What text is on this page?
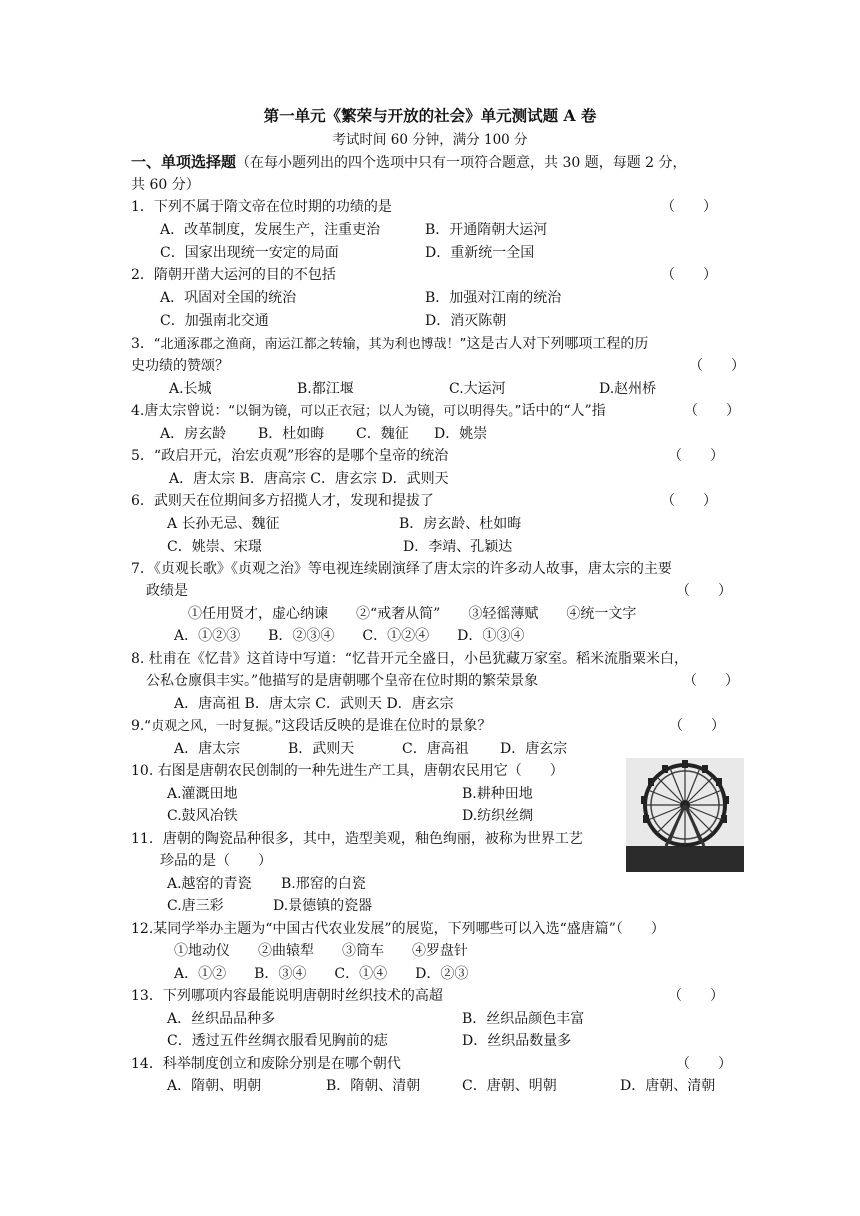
第一单元《繁荣与开放的社会》单元测试题 A 卷
考试时间 60 分钟，满分 100 分
一、单项选择题（在每小题列出的四个选项中只有一项符合题意，共 30 题，每题 2 分，
共 60 分）
1．下列不属于隋文帝在位时期的功绩的是	（　　）
A．改革制度，发展生产，注重吏治	B．开通隋朝大运河
C．国家出现统一安定的局面	D．重新统一全国
2．隋朝开凿大运河的目的不包括	（　　）
A．巩固对全国的统治	B．加强对江南的统治
C．加强南北交通	D．消灭陈朝
3．“北通涿郡之渔商，南运江都之转输，其为利也博哉！”这是古人对下列哪项工程的历
史功绩的赞颂？	（　　）
A.长城	B.都江堰	C.大运河	D.赵州桥
4.唐太宗曾说：“以铜为镜，可以正衣冠；以人为镜，可以明得失。”话中的“人”指	（　　）
A．房玄龄 B．杜如晦 C．魏征 D．姚崇
5．“政启开元，治宏贞观”形容的是哪个皇帝的统治	（　　）
A．唐太宗 B．唐高宗 C．唐玄宗 D．武则天
6．武则天在位期间多方招揽人才，发现和提拔了	（　　）
A 长孙无忌、魏征	B．房玄龄、杜如晦
C．姚崇、宋璟	D．李靖、孔颖达
7．《贞观长歌》《贞观之治》等电视连续剧演绎了唐太宗的许多动人故事，唐太宗的主要
政绩是	（　　）
①任用贤才，虚心纳谏　　②“戒奢从简”　　③轻徭薄赋　　④统一文字
A．①②③　　B．②③④　　C．①②④　　D．①③④
8. 杜甫在《忆昔》这首诗中写道：“忆昔开元全盛日，小邑犹藏万家室。稻米流脂粟米白，
公私仓廪俱丰实。”他描写的是唐朝哪个皇帝在位时期的繁荣景象	（　　）
A．唐高祖 B．唐太宗 C．武则天 D．唐玄宗
9.“贞观之风，一时复振。”这段话反映的是谁在位时的景象？	（　　）
A．唐太宗	B．武则天	C．唐高祖 D．唐玄宗
10. 右图是唐朝农民创制的一种先进生产工具，唐朝农民用它（　　）
A.灌溉田地	B.耕种田地
C.鼓风冶铁	D.纺织丝绸
11．唐朝的陶瓷品种很多，其中，造型美观，釉色绚丽，被称为世界工艺
珍品的是（　　）
A.越窑的青瓷 B.邢窑的白瓷
C.唐三彩	D.景德镇的瓷器
12.某同学举办主题为“中国古代农业发展”的展览，下列哪些可以入选“盛唐篇”（　　）
①地动仪　　②曲辕犁　　③筒车　　④罗盘针
A．①②　　B．③④　　C．①④　　D．②③
13．下列哪项内容最能说明唐朝时丝织技术的高超	（　　）
A．丝织品品种多	B．丝织品颜色丰富
C．透过五件丝绸衣服看见胸前的痣	D．丝织品数量多
14．科举制度创立和废除分别是在哪个朝代	（　　）
A．隋朝、明朝	B．隋朝、清朝	C．唐朝、明朝	D．唐朝、清朝
